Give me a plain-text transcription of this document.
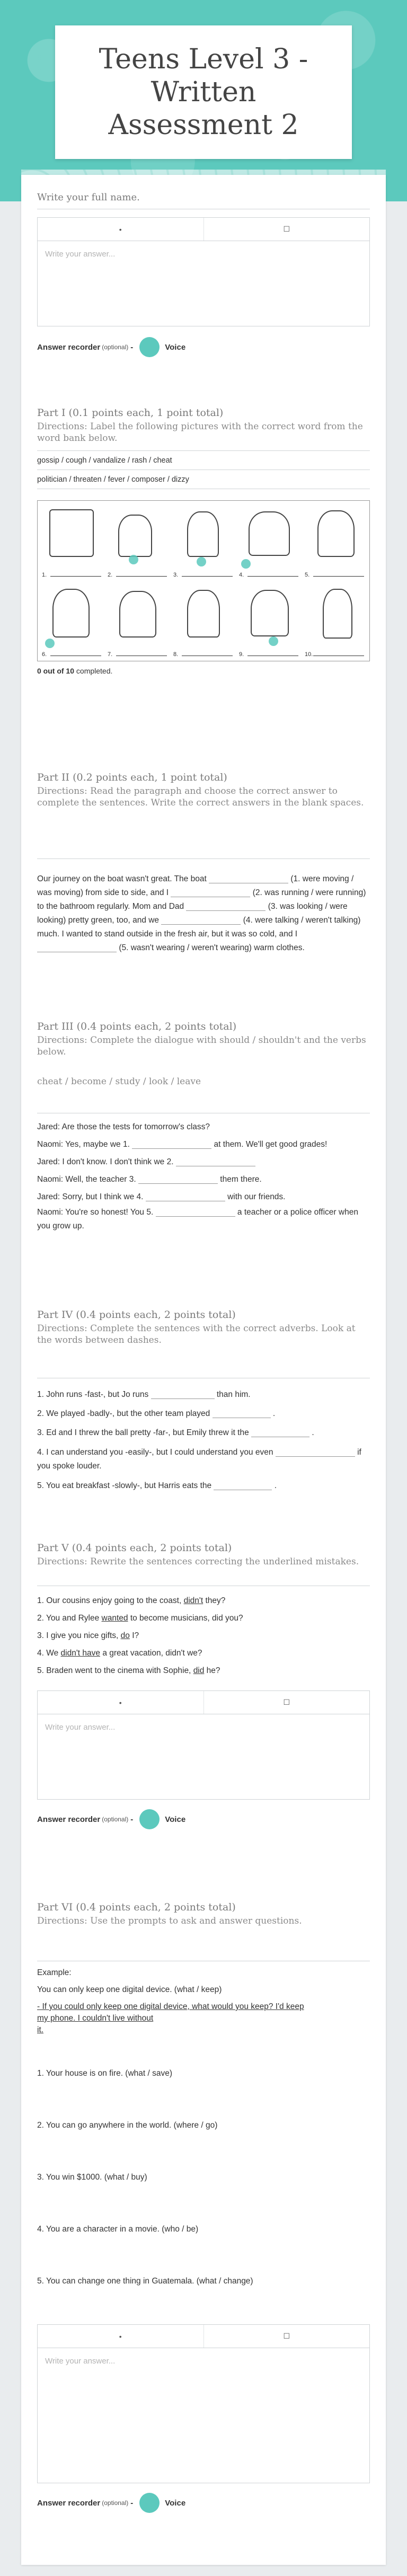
Teens Level 3 - Written Assessment 2
Write your full name.
•	☐
Write your answer...
Answer recorder (optional) -	Voice
Part I (0.1 points each, 1 point total)
Directions: Label the following pictures with the correct word from the word bank below.
gossip / cough / vandalize / rash / cheat
politician / threaten / fever / composer / dizzy
1.	2.	3.	4.	5.
6.	7.	8.	9.	10.
0 out of 10 completed.
Part II (0.2 points each, 1 point total)
Directions: Read the paragraph and choose the correct answer to complete the sentences. Write the correct answers in the blank spaces.
Our journey on the boat wasn't great. The boat	(1. were moving / was moving) from side to side, and I	(2. was running / were running) to the bathroom regularly. Mom and Dad	(3. was looking / were looking) pretty green, too, and we	(4. were talking / weren't talking) much. I wanted to stand outside in the fresh air, but it was so cold, and I  (5. wasn't wearing / weren't wearing) warm clothes.
Part III (0.4 points each, 2 points total)
Directions: Complete the dialogue with should / shouldn't and the verbs below.
cheat / become / study / look / leave
Jared: Are those the tests for tomorrow's class?
Naomi: Yes, maybe we 1.	at them. We'll get good grades!
Jared: I don't know. I don't think we 2.
Naomi: Well, the teacher 3.	them there.
Jared: Sorry, but I think we 4.	with our friends.
Naomi: You're so honest! You 5.	a teacher or a police officer when you grow up.
Part IV (0.4 points each, 2 points total)
Directions: Complete the sentences with the correct adverbs. Look at the words between dashes.
1. John runs -fast-, but Jo runs	than him.
2. We played -badly-, but the other team played	.
3. Ed and I threw the ball pretty -far-, but Emily threw it the	.
4. I can understand you -easily-, but I could understand you even	if you spoke louder.
5. You eat breakfast -slowly-, but Harris eats the	.
Part V (0.4 points each, 2 points total)
Directions: Rewrite the sentences correcting the underlined mistakes.
1. Our cousins enjoy going to the coast, didn't they?
2. You and Rylee wanted to become musicians, did you?
3. I give you nice gifts, do I?
4. We didn't have a great vacation, didn't we?
5. Braden went to the cinema with Sophie, did he?
•	☐
Write your answer...
Answer recorder (optional) -	Voice
Part VI (0.4 points each, 2 points total)
Directions: Use the prompts to ask and answer questions.
Example:
You can only keep one digital device. (what / keep)
- If you could only keep one digital device, what would you keep? I'd keep
my phone. I couldn't live without
it.
1. Your house is on fire. (what / save)
2. You can go anywhere in the world. (where / go)
3. You win $1000. (what / buy)
4. You are a character in a movie. (who / be)
5. You can change one thing in Guatemala. (what / change)
•	☐
Write your answer...
Answer recorder (optional) -	Voice
